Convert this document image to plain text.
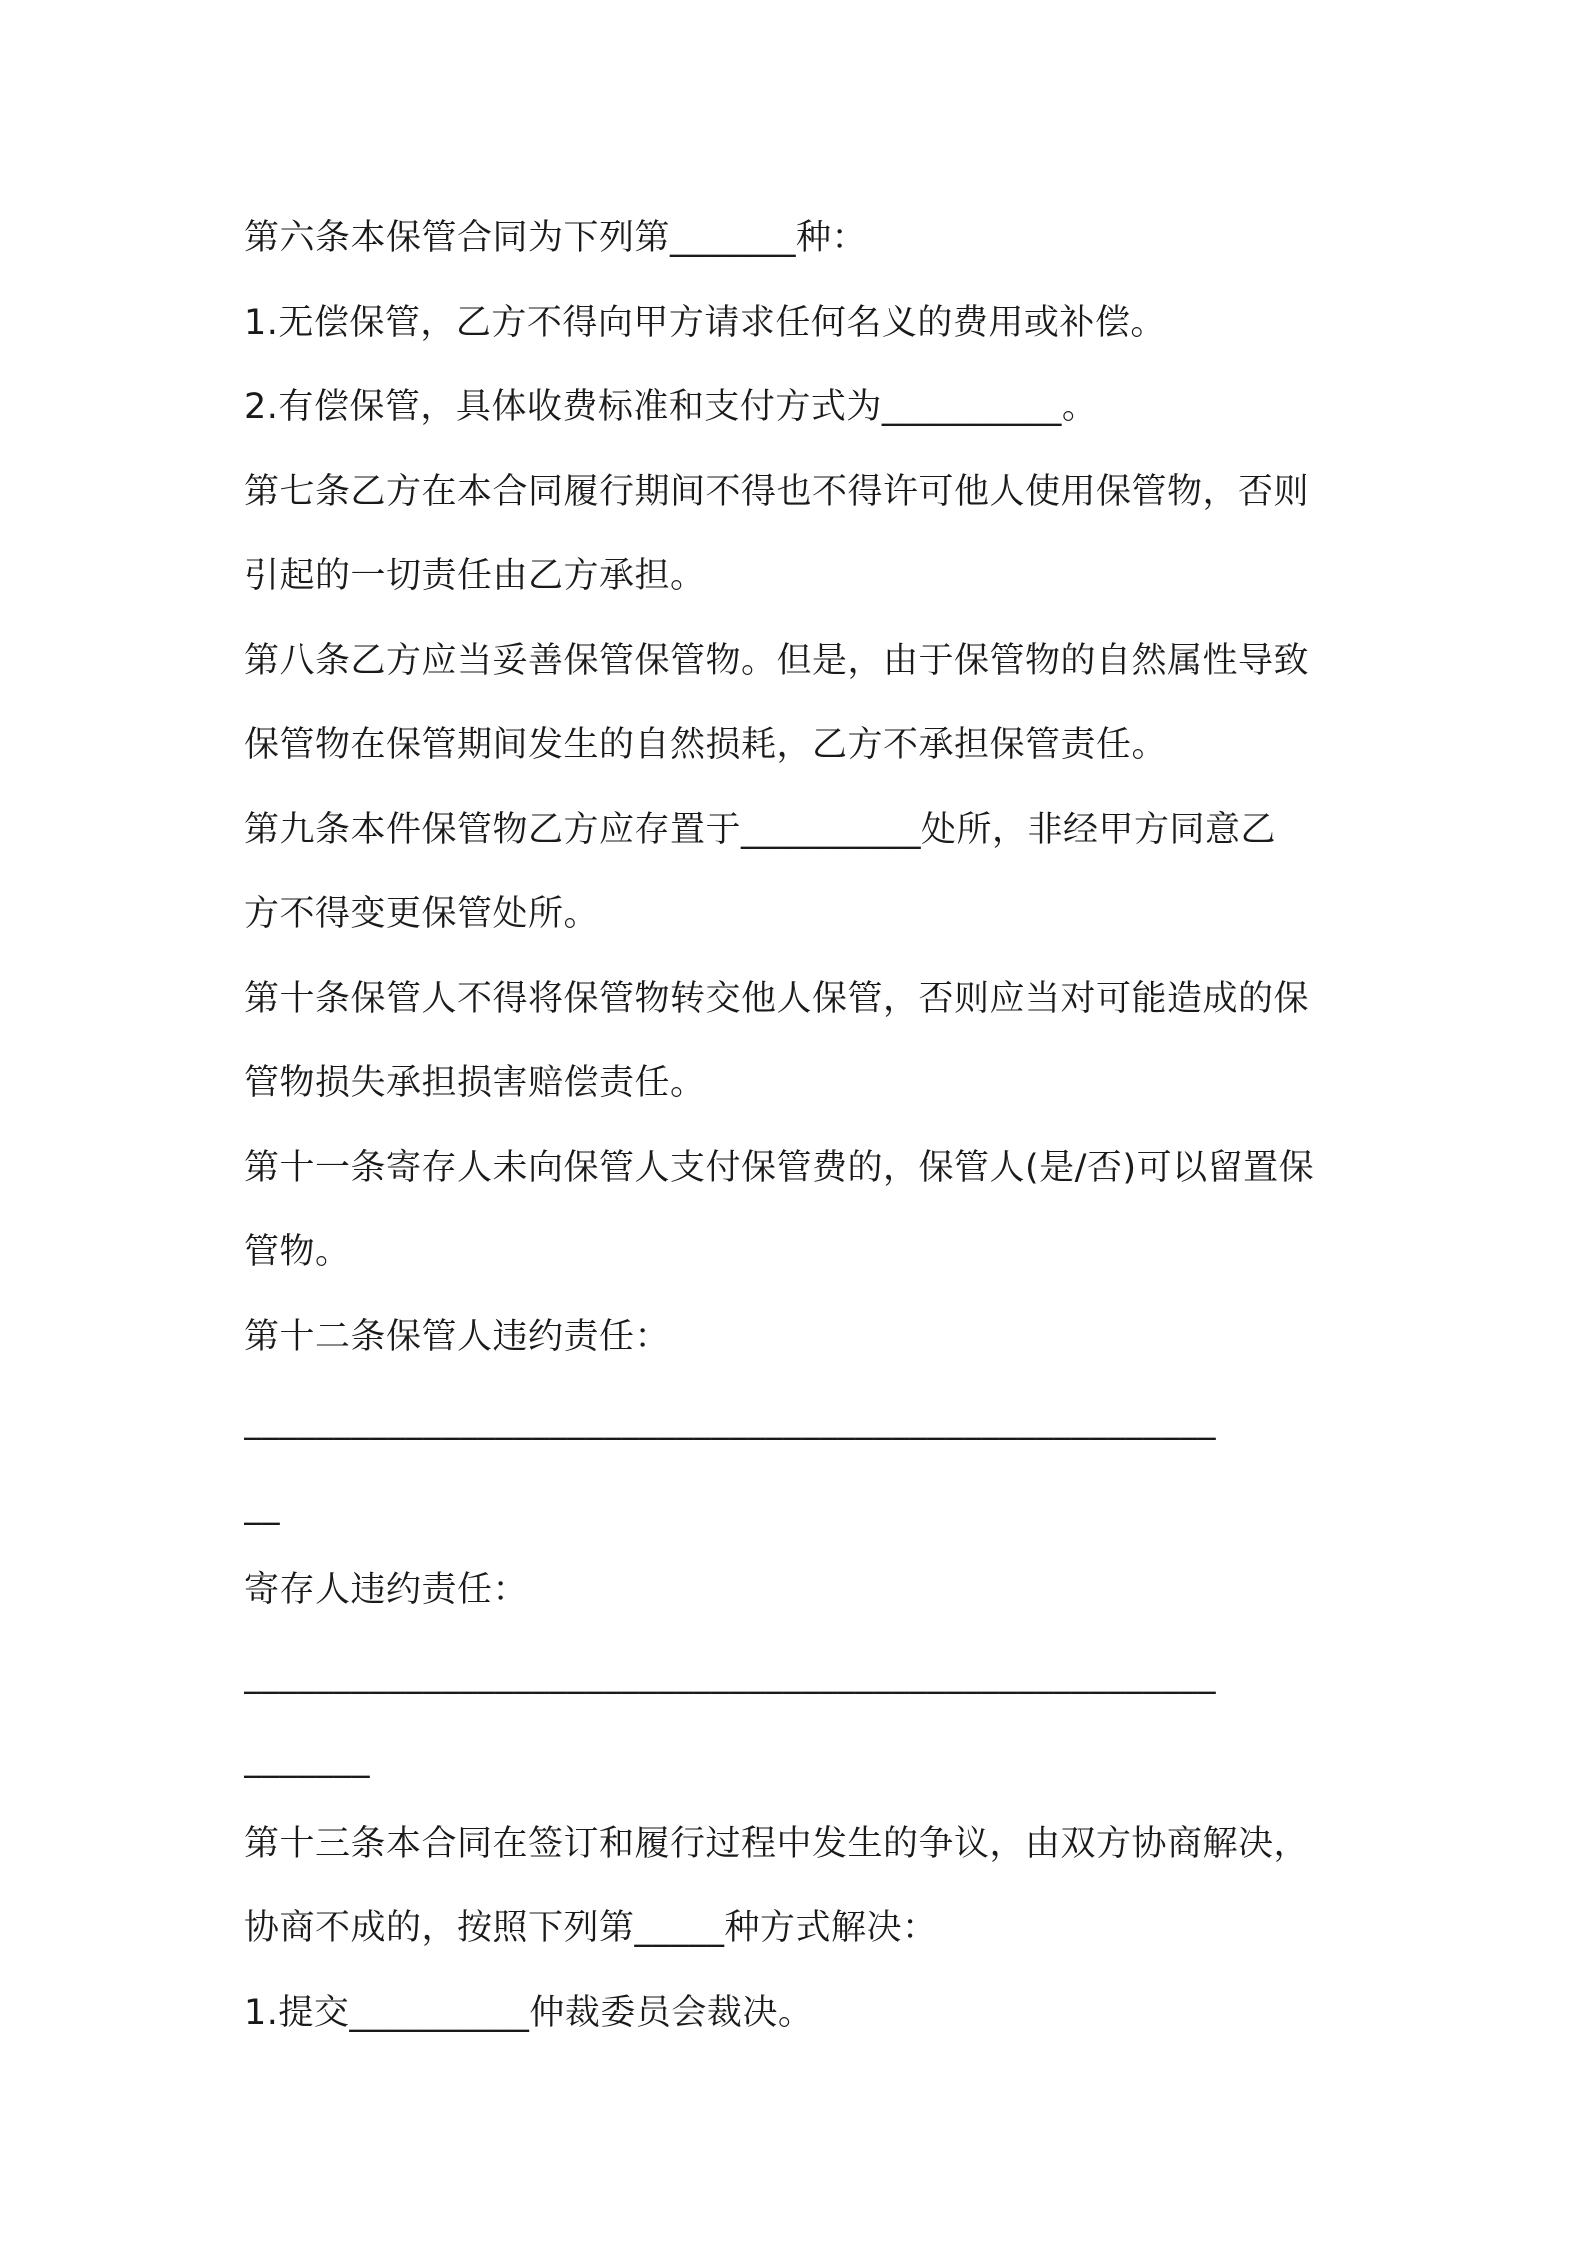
第六条本保管合同为下列第_______种：
1.无偿保管，乙方不得向甲方请求任何名义的费用或补偿。
2.有偿保管，具体收费标准和支付方式为__________。
第七条乙方在本合同履行期间不得也不得许可他人使用保管物，否则
引起的一切责任由乙方承担。
第八条乙方应当妥善保管保管物。但是，由于保管物的自然属性导致
保管物在保管期间发生的自然损耗，乙方不承担保管责任。
第九条本件保管物乙方应存置于__________处所，非经甲方同意乙
方不得变更保管处所。
第十条保管人不得将保管物转交他人保管，否则应当对可能造成的保
管物损失承担损害赔偿责任。
第十一条寄存人未向保管人支付保管费的，保管人(是/否)可以留置保
管物。
第十二条保管人违约责任：
______________________________________________________
__
寄存人违约责任：
______________________________________________________
_______
第十三条本合同在签订和履行过程中发生的争议，由双方协商解决，
协商不成的，按照下列第_____种方式解决：
1.提交__________仲裁委员会裁决。
